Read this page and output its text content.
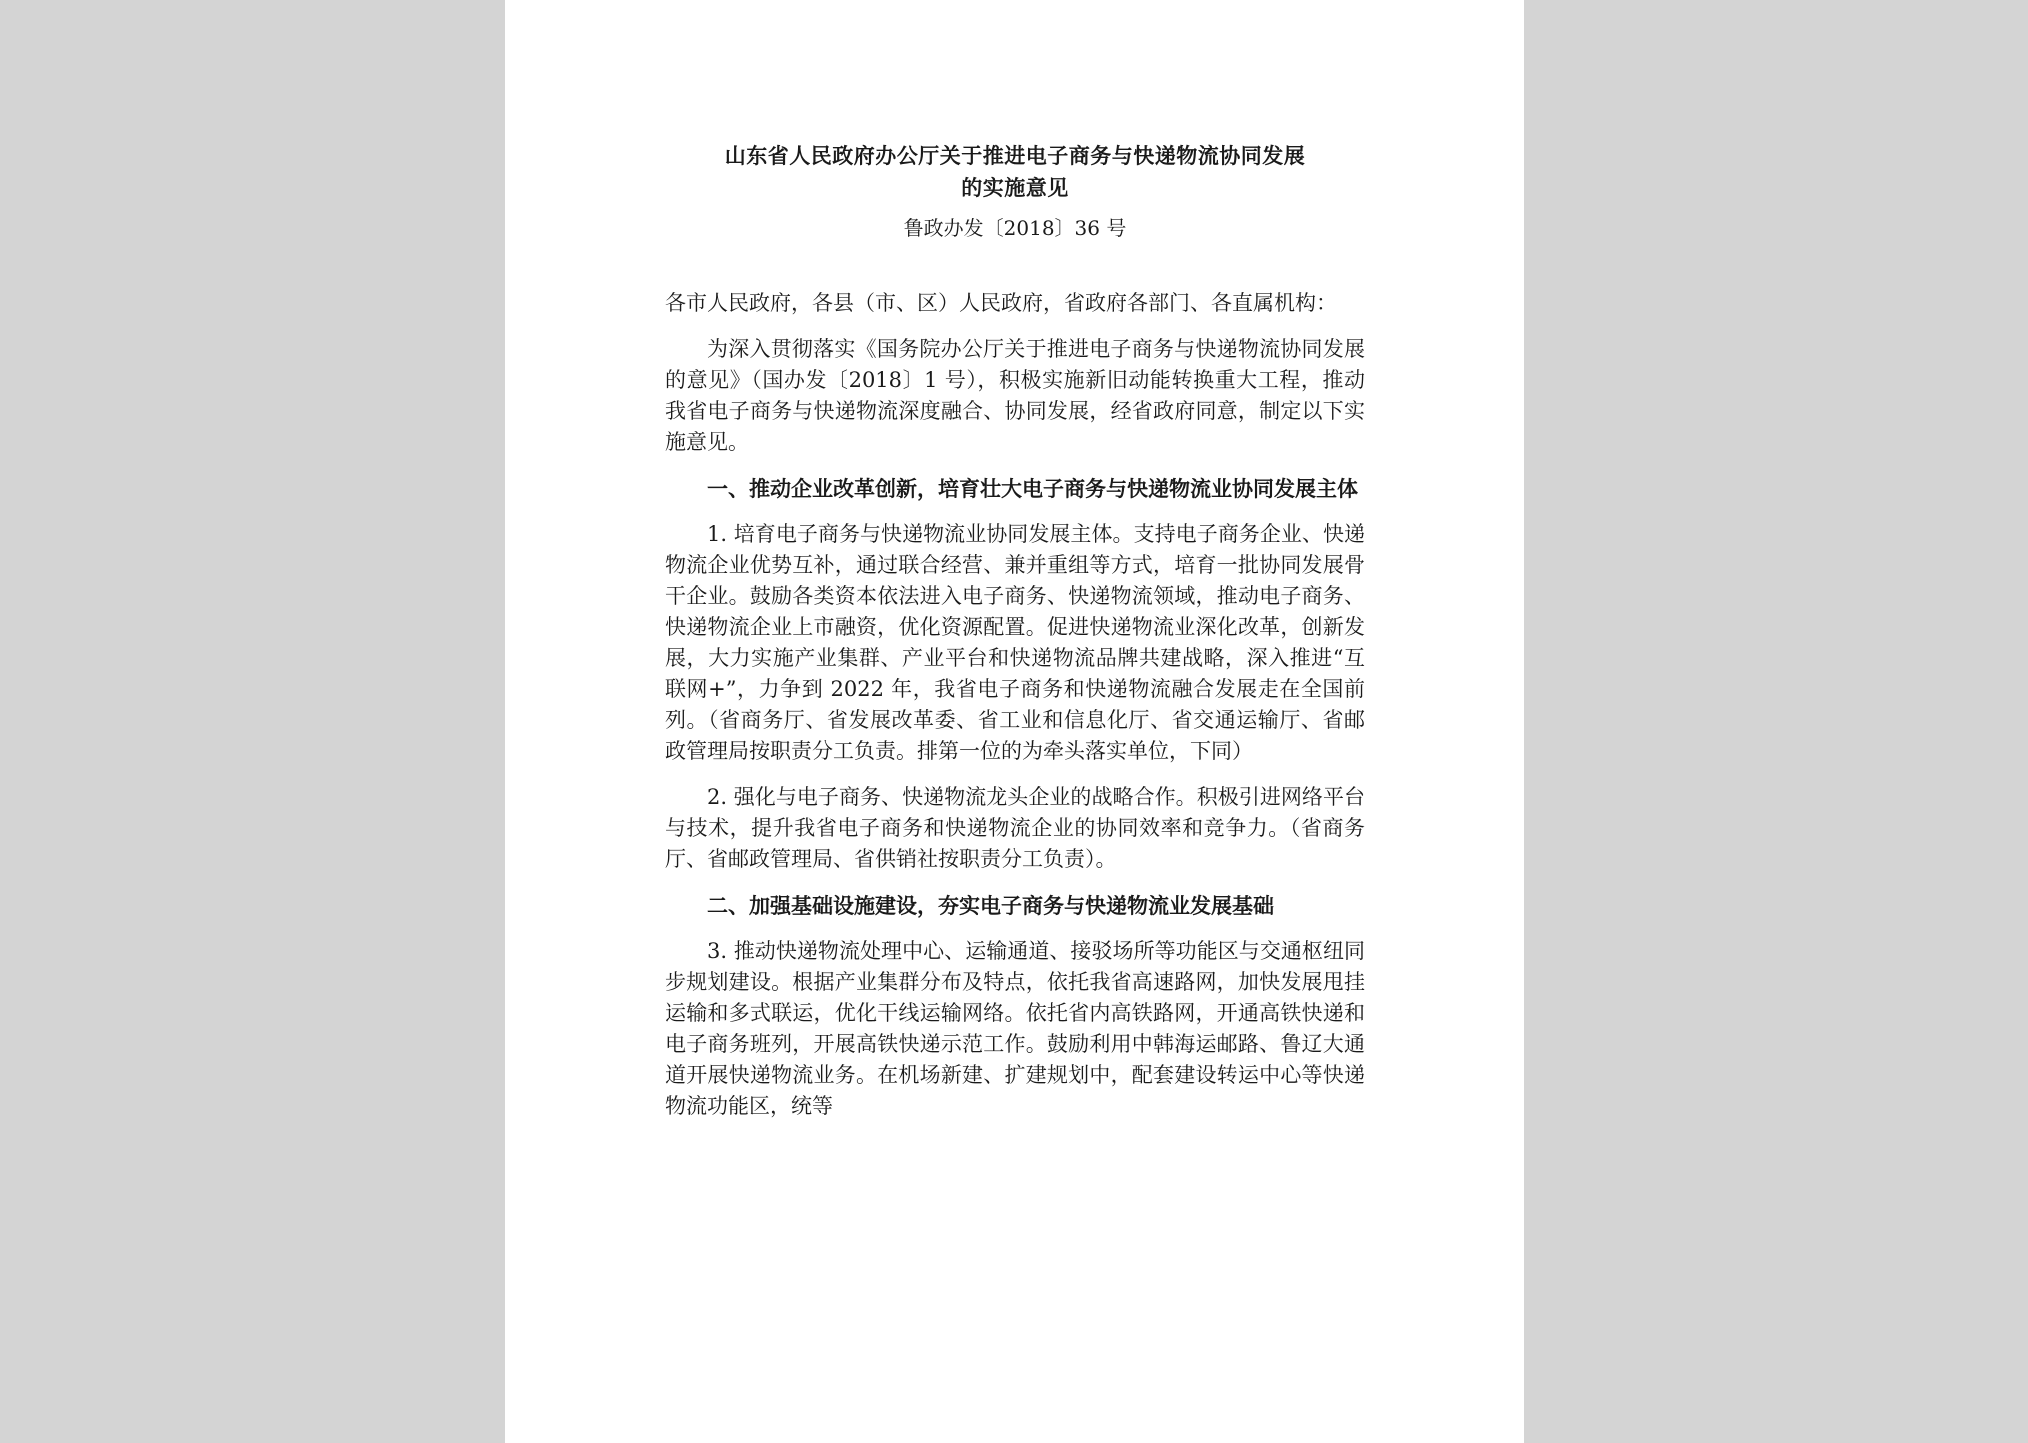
山东省人民政府办公厅关于推进电子商务与快递物流协同发展
的实施意见

鲁政办发〔2018〕36 号

各市人民政府，各县（市、区）人民政府，省政府各部门、各直属机构：

为深入贯彻落实《国务院办公厅关于推进电子商务与快递物流协同发展的意见》（国办发〔2018〕1 号），积极实施新旧动能转换重大工程，推动我省电子商务与快递物流深度融合、协同发展，经省政府同意，制定以下实施意见。

一、推动企业改革创新，培育壮大电子商务与快递物流业协同发展主体

1. 培育电子商务与快递物流业协同发展主体。支持电子商务企业、快递物流企业优势互补，通过联合经营、兼并重组等方式，培育一批协同发展骨干企业。鼓励各类资本依法进入电子商务、快递物流领域，推动电子商务、快递物流企业上市融资，优化资源配置。促进快递物流业深化改革，创新发展，大力实施产业集群、产业平台和快递物流品牌共建战略，深入推进“互联网+”，力争到 2022 年，我省电子商务和快递物流融合发展走在全国前列。（省商务厅、省发展改革委、省工业和信息化厅、省交通运输厅、省邮政管理局按职责分工负责。排第一位的为牵头落实单位，下同）

2. 强化与电子商务、快递物流龙头企业的战略合作。积极引进网络平台与技术，提升我省电子商务和快递物流企业的协同效率和竞争力。（省商务厅、省邮政管理局、省供销社按职责分工负责）。

二、加强基础设施建设，夯实电子商务与快递物流业发展基础

3. 推动快递物流处理中心、运输通道、接驳场所等功能区与交通枢纽同步规划建设。根据产业集群分布及特点，依托我省高速路网，加快发展甩挂运输和多式联运，优化干线运输网络。依托省内高铁路网，开通高铁快递和电子商务班列，开展高铁快递示范工作。鼓励利用中韩海运邮路、鲁辽大通道开展快递物流业务。在机场新建、扩建规划中，配套建设转运中心等快递物流功能区，统等
